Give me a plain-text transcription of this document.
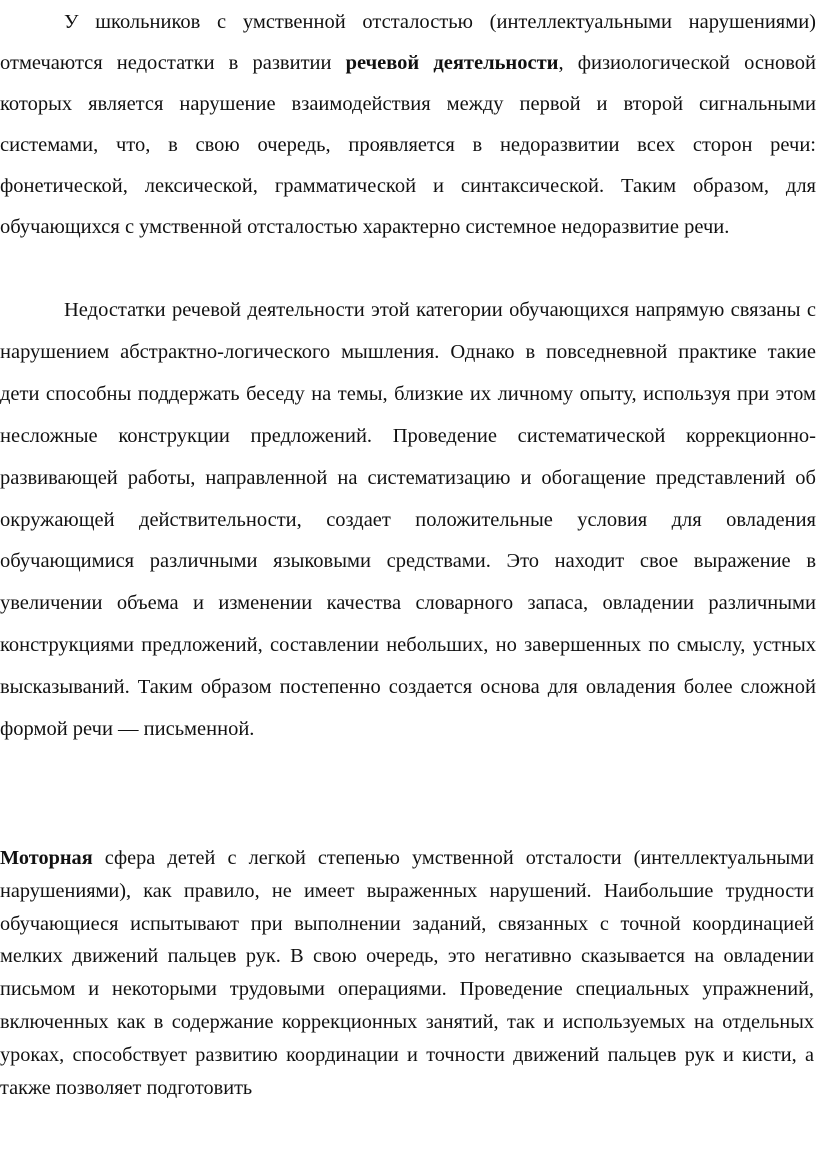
У школьников с умственной отсталостью (интеллектуальными нарушениями) отмечаются недостатки в развитии речевой деятельности, физиологической основой которых является нарушение взаимодействия между первой и второй сигнальными системами, что, в свою очередь, проявляется в недоразвитии всех сторон речи: фонетической, лексической, грамматической и синтаксической. Таким образом, для обучающихся с умственной отсталостью характерно системное недоразвитие речи.

Недостатки речевой деятельности этой категории обучающихся напрямую связаны с нарушением абстрактно-логического мышления. Однако в повседневной практике такие дети способны поддержать беседу на темы, близкие их личному опыту, используя при этом несложные конструкции предложений. Проведение систематической коррекционно-развивающей работы, направленной на систематизацию и обогащение представлений об окружающей действительности, создает положительные условия для овладения обучающимися различными языковыми средствами. Это находит свое выражение в увеличении объема и изменении качества словарного запаса, овладении различными конструкциями предложений, составлении небольших, но завершенных по смыслу, устных высказываний. Таким образом постепенно создается основа для овладения более сложной формой речи — письменной.

Моторная сфера детей с легкой степенью умственной отсталости (интеллектуальными нарушениями), как правило, не имеет выраженных нарушений. Наибольшие трудности обучающиеся испытывают при выполнении заданий, связанных с точной координацией мелких движений пальцев рук. В свою очередь, это негативно сказывается на овладении письмом и некоторыми трудовыми операциями. Проведение специальных упражнений, включенных как в содержание коррекционных занятий, так и используемых на отдельных уроках, способствует развитию координации и точности движений пальцев рук и кисти, а также позволяет подготовить
